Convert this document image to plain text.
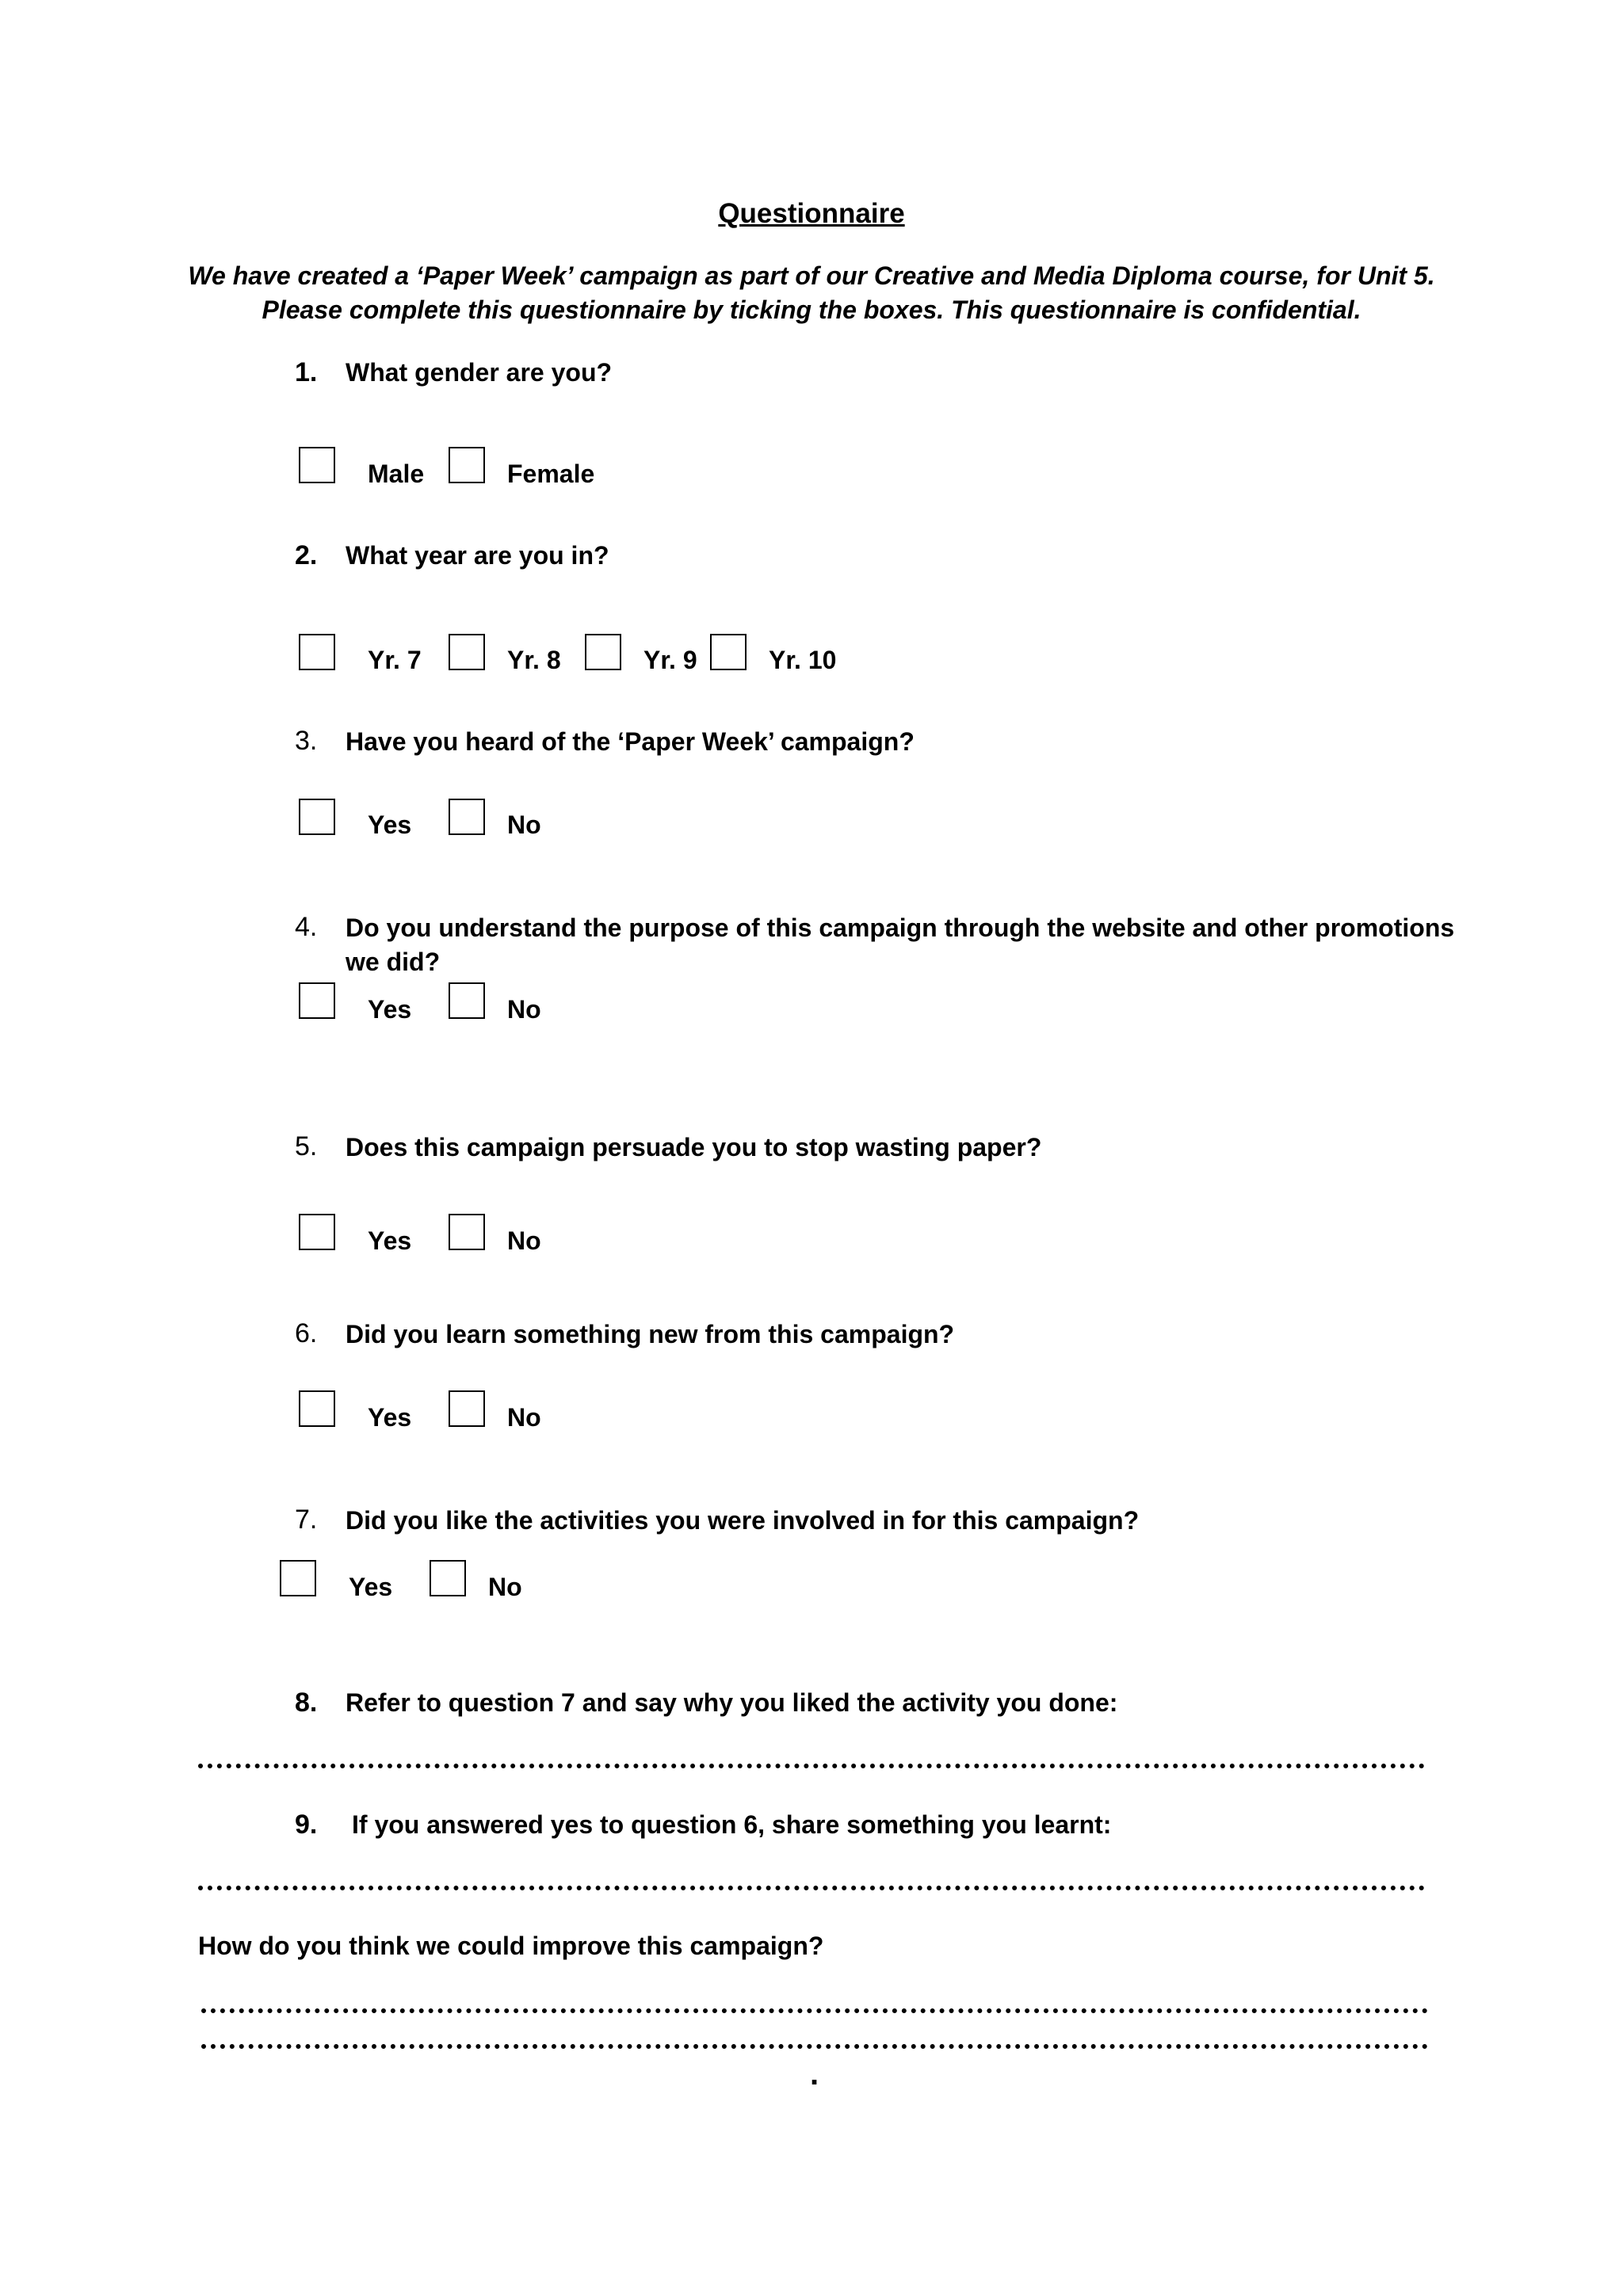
Questionnaire
We have created a ‘Paper Week’ campaign as part of our Creative and Media Diploma course, for Unit 5.
Please complete this questionnaire by ticking the boxes. This questionnaire is confidential.
1. What gender are you?
Male	Female
2. What year are you in?
Yr. 7	Yr. 8	Yr. 9	Yr. 10
3. Have you heard of the ‘Paper Week’ campaign?
Yes	No
4. Do you understand the purpose of this campaign through the website and other promotions
we did?
Yes	No
5. Does this campaign persuade you to stop wasting paper?
Yes	No
6. Did you learn something new from this campaign?
Yes	No
7. Did you like the activities you were involved in for this campaign?
Yes	No
8. Refer to question 7 and say why you liked the activity you done:
9. If you answered yes to question 6, share something you learnt:
How do you think we could improve this campaign?
.
